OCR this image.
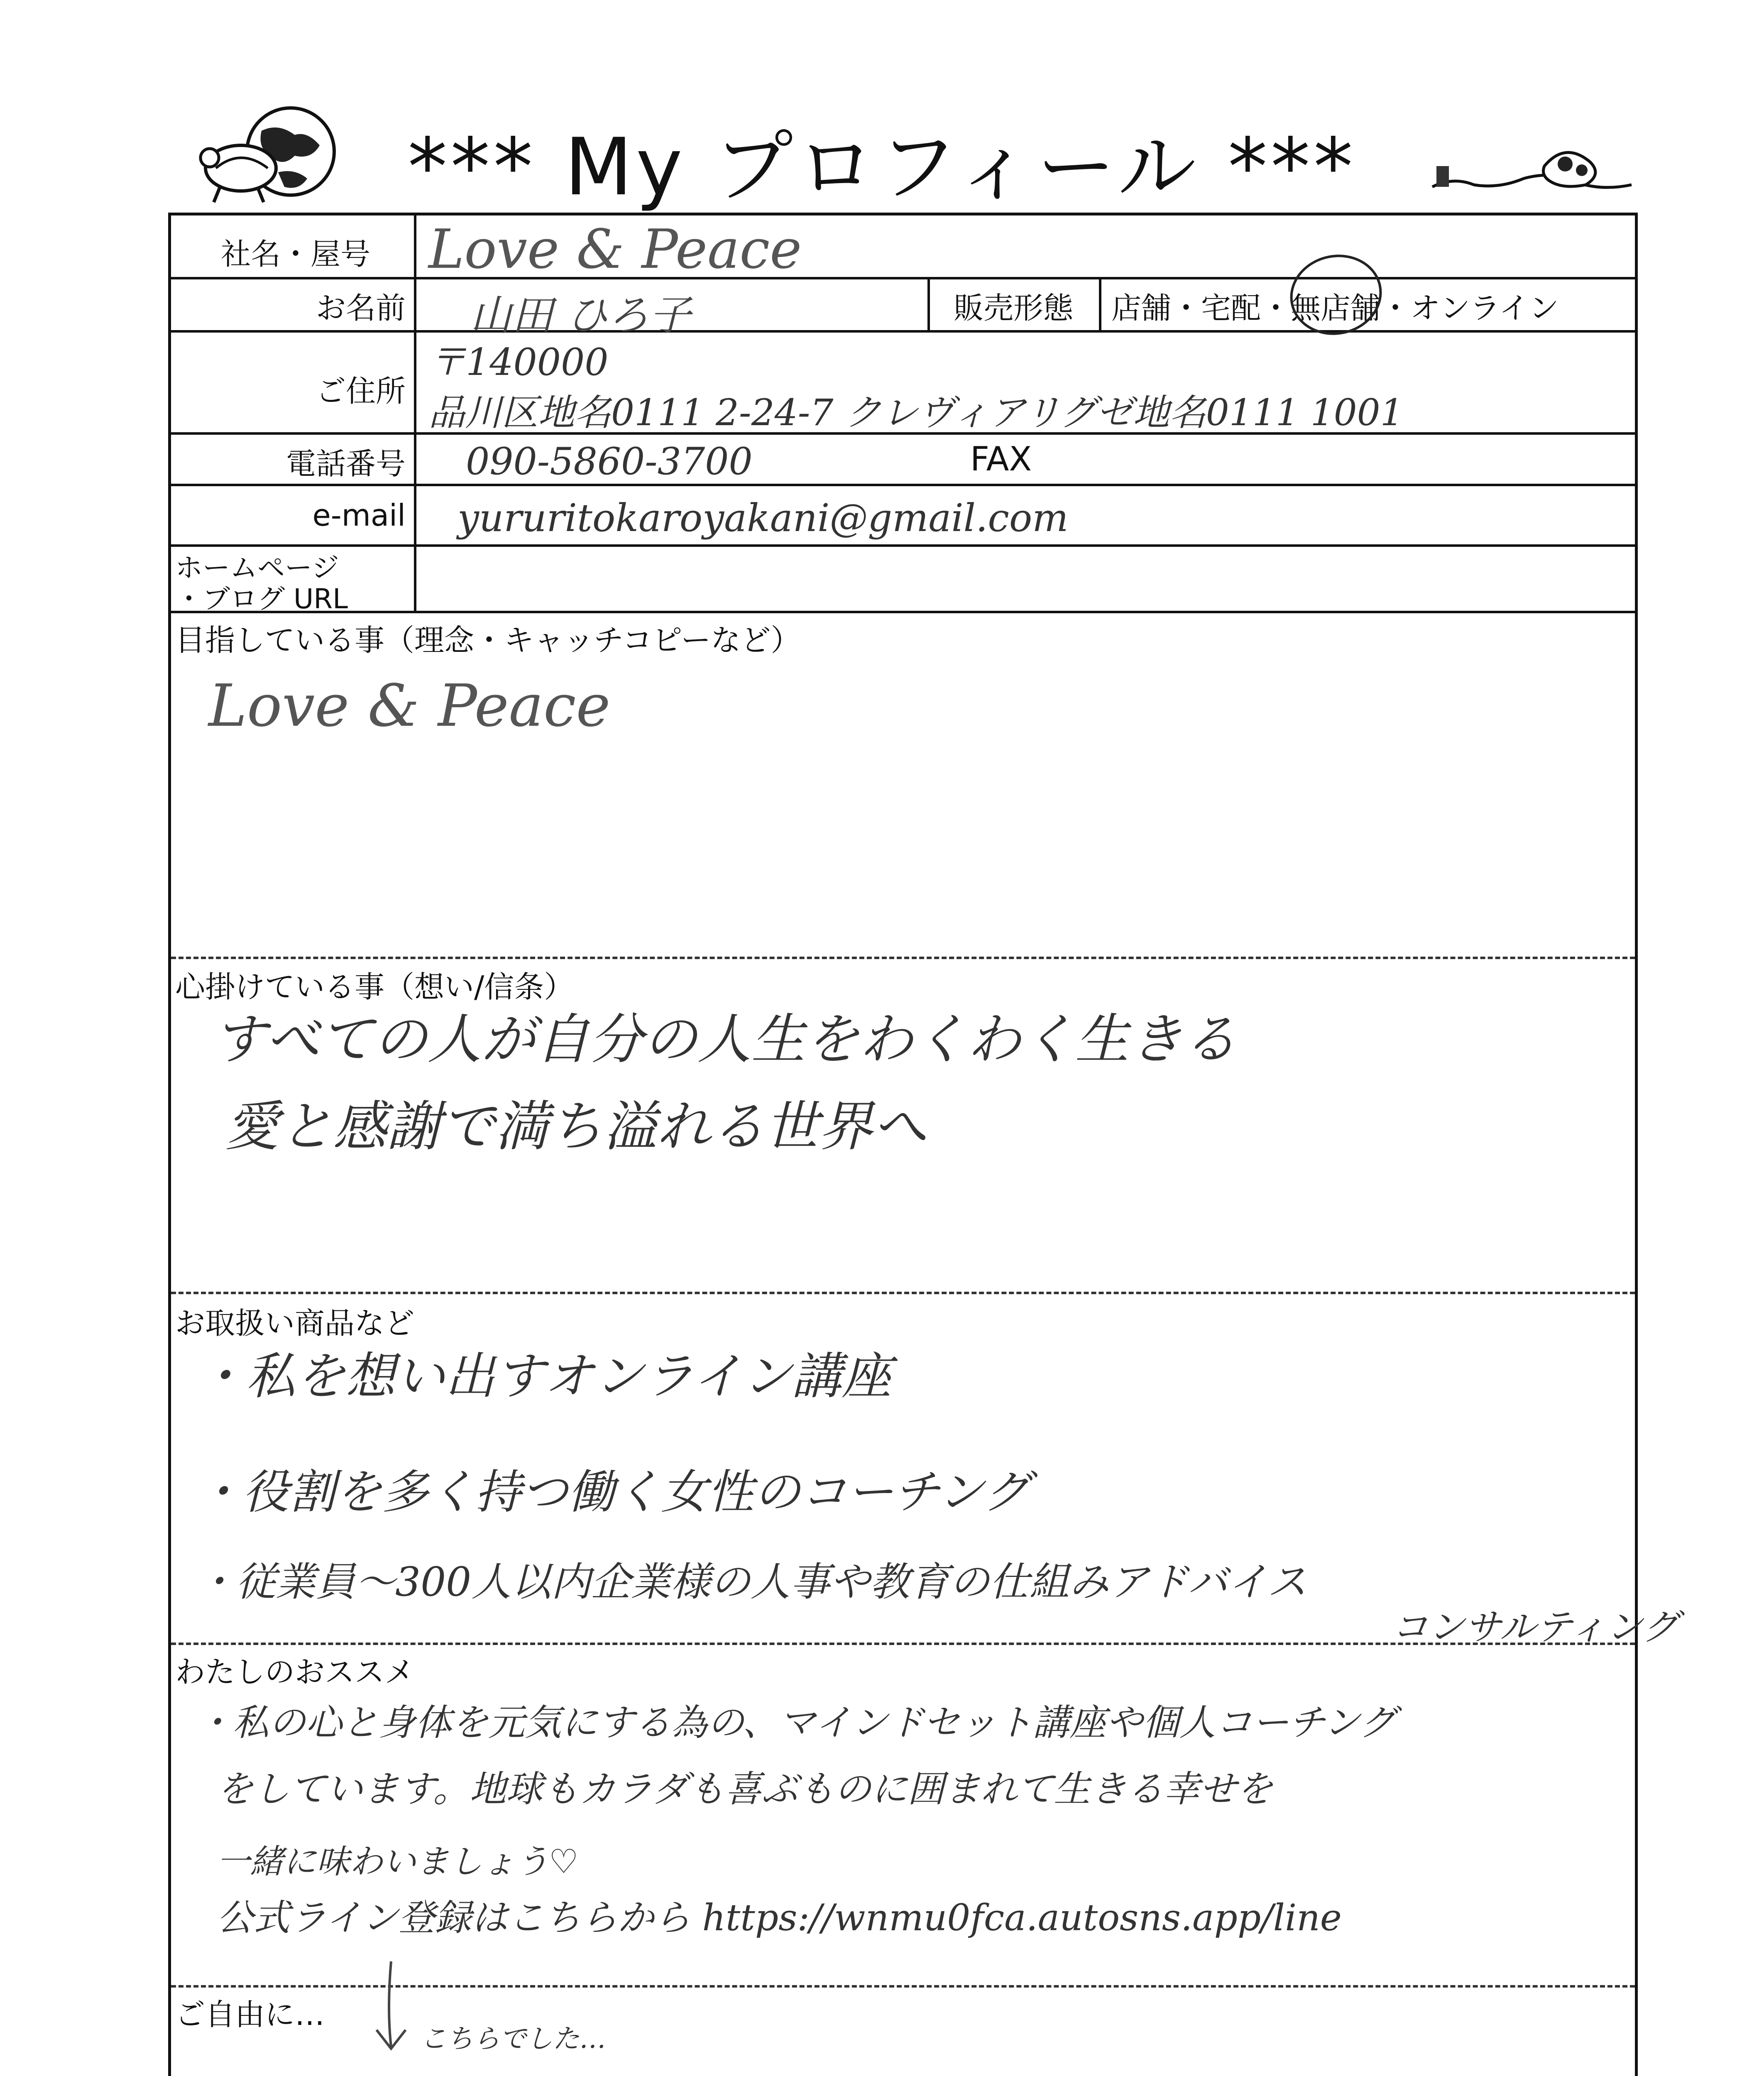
*** My プロフィール ***
社名・屋号
お名前	販売形態 店舗・宅配・無店舗・オンライン
ご住所
電話番号
e-mail
ホームページ
・ブログ URL
FAX
Love & Peace
山田 ひろ子
〒140000
品川区地名0111 2-24-7 クレヴィアリグゼ地名0111 1001
090-5860-3700
yururitokaroyakani@gmail.com
目指している事（理念・キャッチコピーなど）
Love & Peace
心掛けている事（想い/信条）
すべての人が自分の人生をわくわく生きる
愛と感謝で満ち溢れる世界へ
お取扱い商品など
・私を想い出すオンライン講座
・役割を多く持つ働く女性のコーチング
・従業員〜300人以内企業様の人事や教育の仕組みアドバイス
コンサルティング
わたしのおススメ
・私の心と身体を元気にする為の、マインドセット講座や個人コーチング
をしています。地球もカラダも喜ぶものに囲まれて生きる幸せを
一緒に味わいましょう♡
公式ライン登録はこちらから https://wnmu0fca.autosns.app/line
ご自由に…
こちらでした…
